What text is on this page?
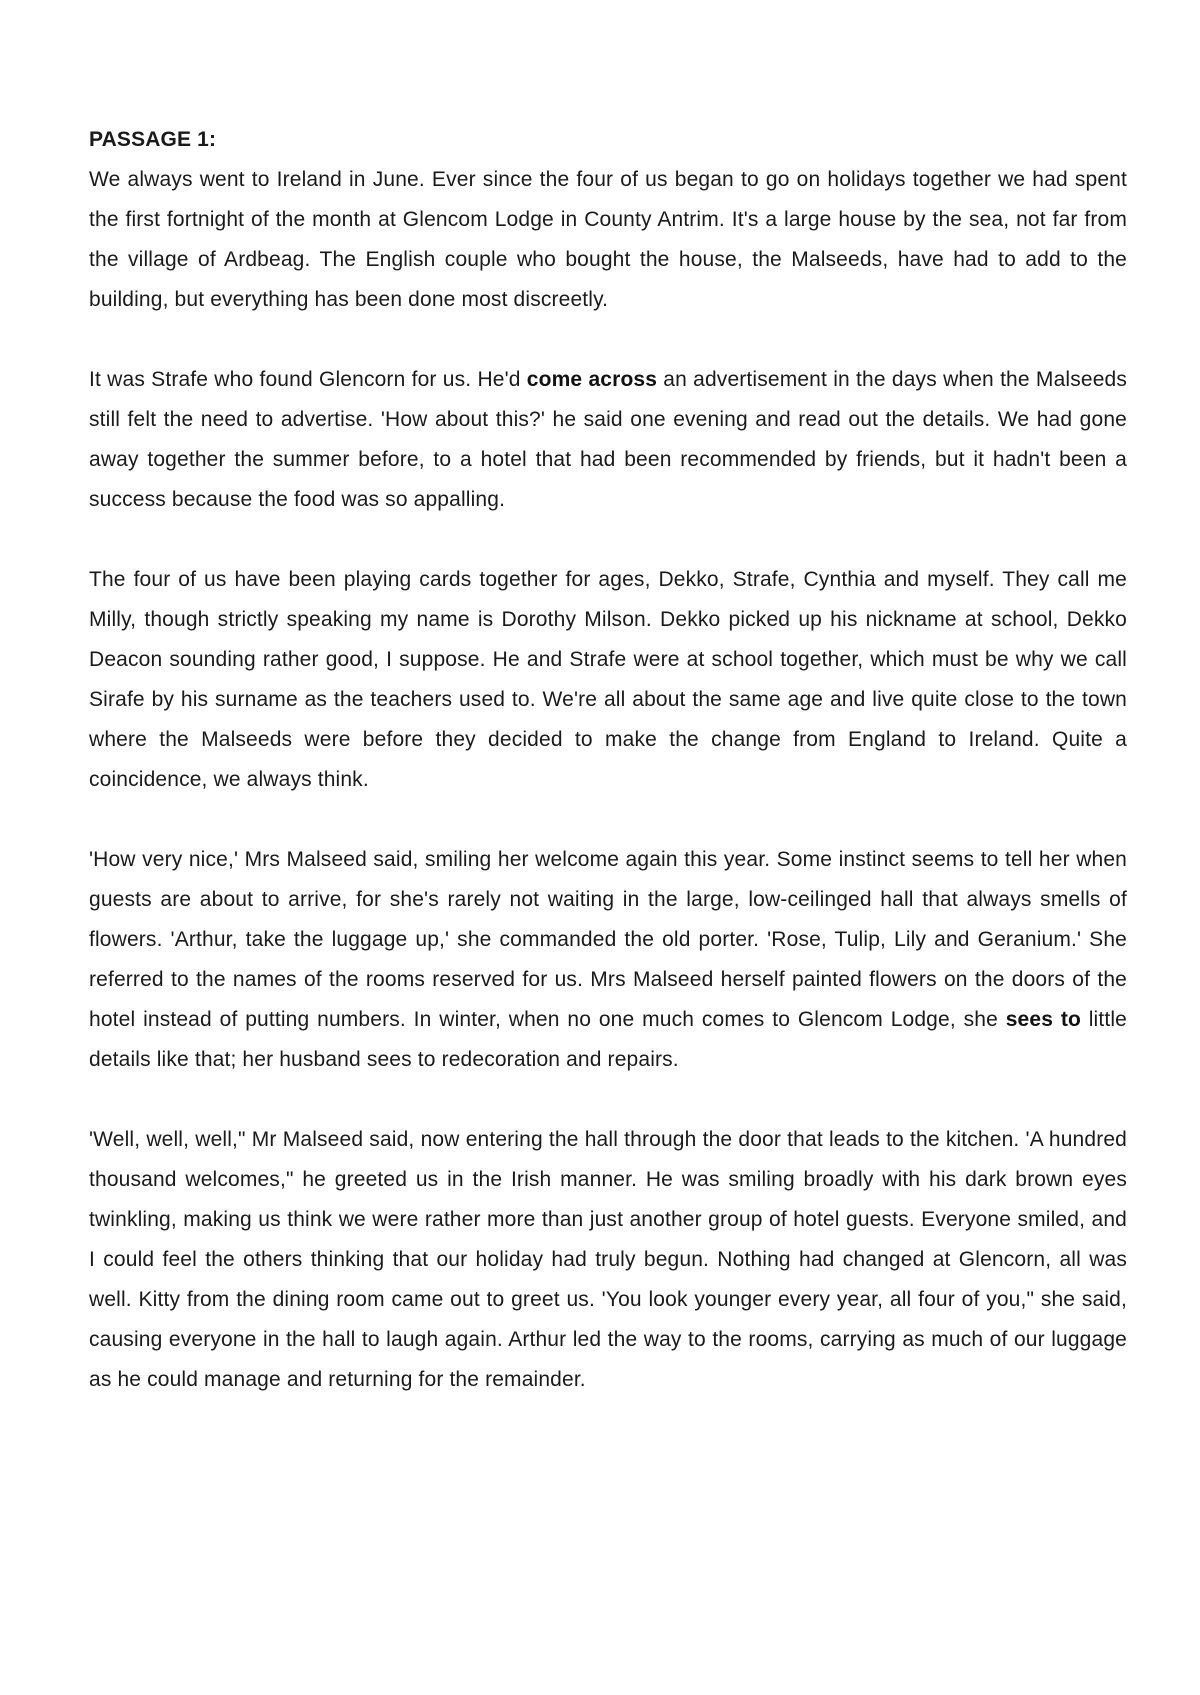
PASSAGE 1:

We always went to Ireland in June. Ever since the four of us began to go on holidays together we had spent the first fortnight of the month at Glencom Lodge in County Antrim. It's a large house by the sea, not far from the village of Ardbeag. The English couple who bought the house, the Malseeds, have had to add to the building, but everything has been done most discreetly.

It was Strafe who found Glencorn for us. He'd come across an advertisement in the days when the Malseeds still felt the need to advertise. 'How about this?' he said one evening and read out the details. We had gone away together the summer before, to a hotel that had been recommended by friends, but it hadn't been a success because the food was so appalling.

The four of us have been playing cards together for ages, Dekko, Strafe, Cynthia and myself. They call me Milly, though strictly speaking my name is Dorothy Milson. Dekko picked up his nickname at school, Dekko Deacon sounding rather good, I suppose. He and Strafe were at school together, which must be why we call Sirafe by his surname as the teachers used to. We're all about the same age and live quite close to the town where the Malseeds were before they decided to make the change from England to Ireland. Quite a coincidence, we always think.

'How very nice,' Mrs Malseed said, smiling her welcome again this year. Some instinct seems to tell her when guests are about to arrive, for she's rarely not waiting in the large, low-ceilinged hall that always smells of flowers. 'Arthur, take the luggage up,' she commanded the old porter. 'Rose, Tulip, Lily and Geranium.' She referred to the names of the rooms reserved for us. Mrs Malseed herself painted flowers on the doors of the hotel instead of putting numbers. In winter, when no one much comes to Glencom Lodge, she sees to little details like that; her husband sees to redecoration and repairs.

'Well, well, well," Mr Malseed said, now entering the hall through the door that leads to the kitchen. 'A hundred thousand welcomes," he greeted us in the Irish manner. He was smiling broadly with his dark brown eyes twinkling, making us think we were rather more than just another group of hotel guests. Everyone smiled, and I could feel the others thinking that our holiday had truly begun. Nothing had changed at Glencorn, all was well. Kitty from the dining room came out to greet us. 'You look younger every year, all four of you," she said, causing everyone in the hall to laugh again. Arthur led the way to the rooms, carrying as much of our luggage as he could manage and returning for the remainder.
